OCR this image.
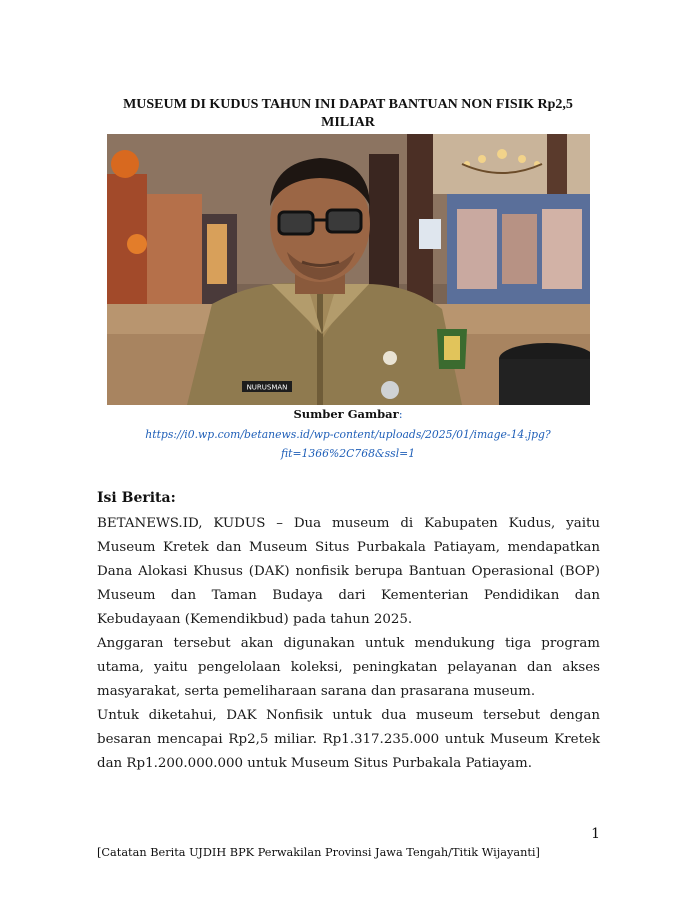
MUSEUM DI KUDUS TAHUN INI DAPAT BANTUAN NON FISIK Rp2,5 MILIAR
NURUSMAN
Sumber Gambar:
https://i0.wp.com/betanews.id/wp-content/uploads/2025/01/image-14.jpg?fit=1366%2C768&ssl=1
Isi Berita:

BETANEWS.ID, KUDUS – Dua museum di Kabupaten Kudus, yaitu Museum Kretek dan Museum Situs Purbakala Patiayam, mendapatkan Dana Alokasi Khusus (DAK) nonfisik berupa Bantuan Operasional (BOP) Museum dan Taman Budaya dari Kementerian Pendidikan dan Kebudayaan (Kemendikbud) pada tahun 2025.

Anggaran tersebut akan digunakan untuk mendukung tiga program utama, yaitu pengelolaan koleksi, peningkatan pelayanan dan akses masyarakat, serta pemeliharaan sarana dan prasarana museum.

Untuk diketahui, DAK Nonfisik untuk dua museum tersebut dengan besaran mencapai Rp2,5 miliar. Rp1.317.235.000 untuk Museum Kretek dan Rp1.200.000.000 untuk Museum Situs Purbakala Patiayam.

1
[Catatan Berita UJDIH BPK Perwakilan Provinsi Jawa Tengah/Titik Wijayanti]
